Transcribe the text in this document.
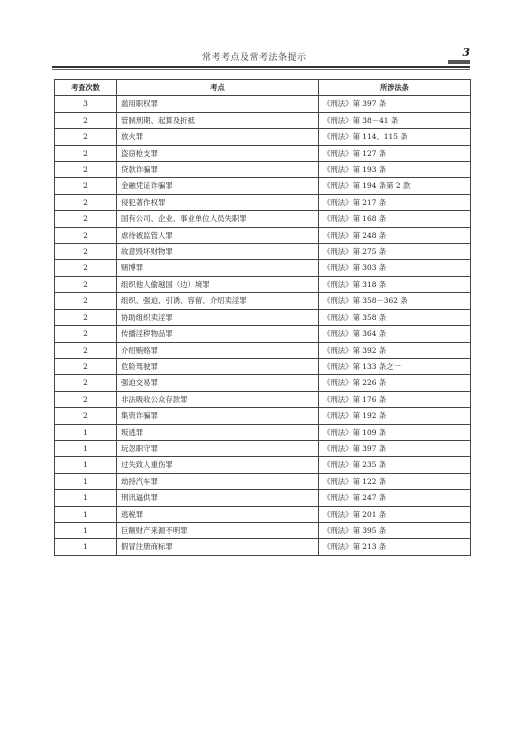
常考考点及常考法条提示	3
考查次数	考点	所涉法条
3	滥用职权罪	《刑法》第 397 条
2	管制刑期、起算及折抵	《刑法》第 38－41 条
2	放火罪	《刑法》第 114、115 条
2	盗窃枪支罪	《刑法》第 127 条
2	贷款诈骗罪	《刑法》第 193 条
2	金融凭证诈骗罪	《刑法》第 194 条第 2 款
2	侵犯著作权罪	《刑法》第 217 条
2	国有公司、企业、事业单位人员失职罪	《刑法》第 168 条
2	虐待被监管人罪	《刑法》第 248 条
2	故意毁坏财物罪	《刑法》第 275 条
2	赌博罪	《刑法》第 303 条
2	组织他人偷越国（边）境罪	《刑法》第 318 条
2	组织、强迫、引诱、容留、介绍卖淫罪	《刑法》第 358－362 条
2	协助组织卖淫罪	《刑法》第 358 条
2	传播淫秽物品罪	《刑法》第 364 条
2	介绍贿赂罪	《刑法》第 392 条
2	危险驾驶罪	《刑法》第 133 条之一
2	强迫交易罪	《刑法》第 226 条
2	非法吸收公众存款罪	《刑法》第 176 条
2	集资诈骗罪	《刑法》第 192 条
1	叛逃罪	《刑法》第 109 条
1	玩忽职守罪	《刑法》第 397 条
1	过失致人重伤罪	《刑法》第 235 条
1	劫持汽车罪	《刑法》第 122 条
1	刑讯逼供罪	《刑法》第 247 条
1	逃税罪	《刑法》第 201 条
1	巨额财产来源不明罪	《刑法》第 395 条
1	假冒注册商标罪	《刑法》第 213 条
